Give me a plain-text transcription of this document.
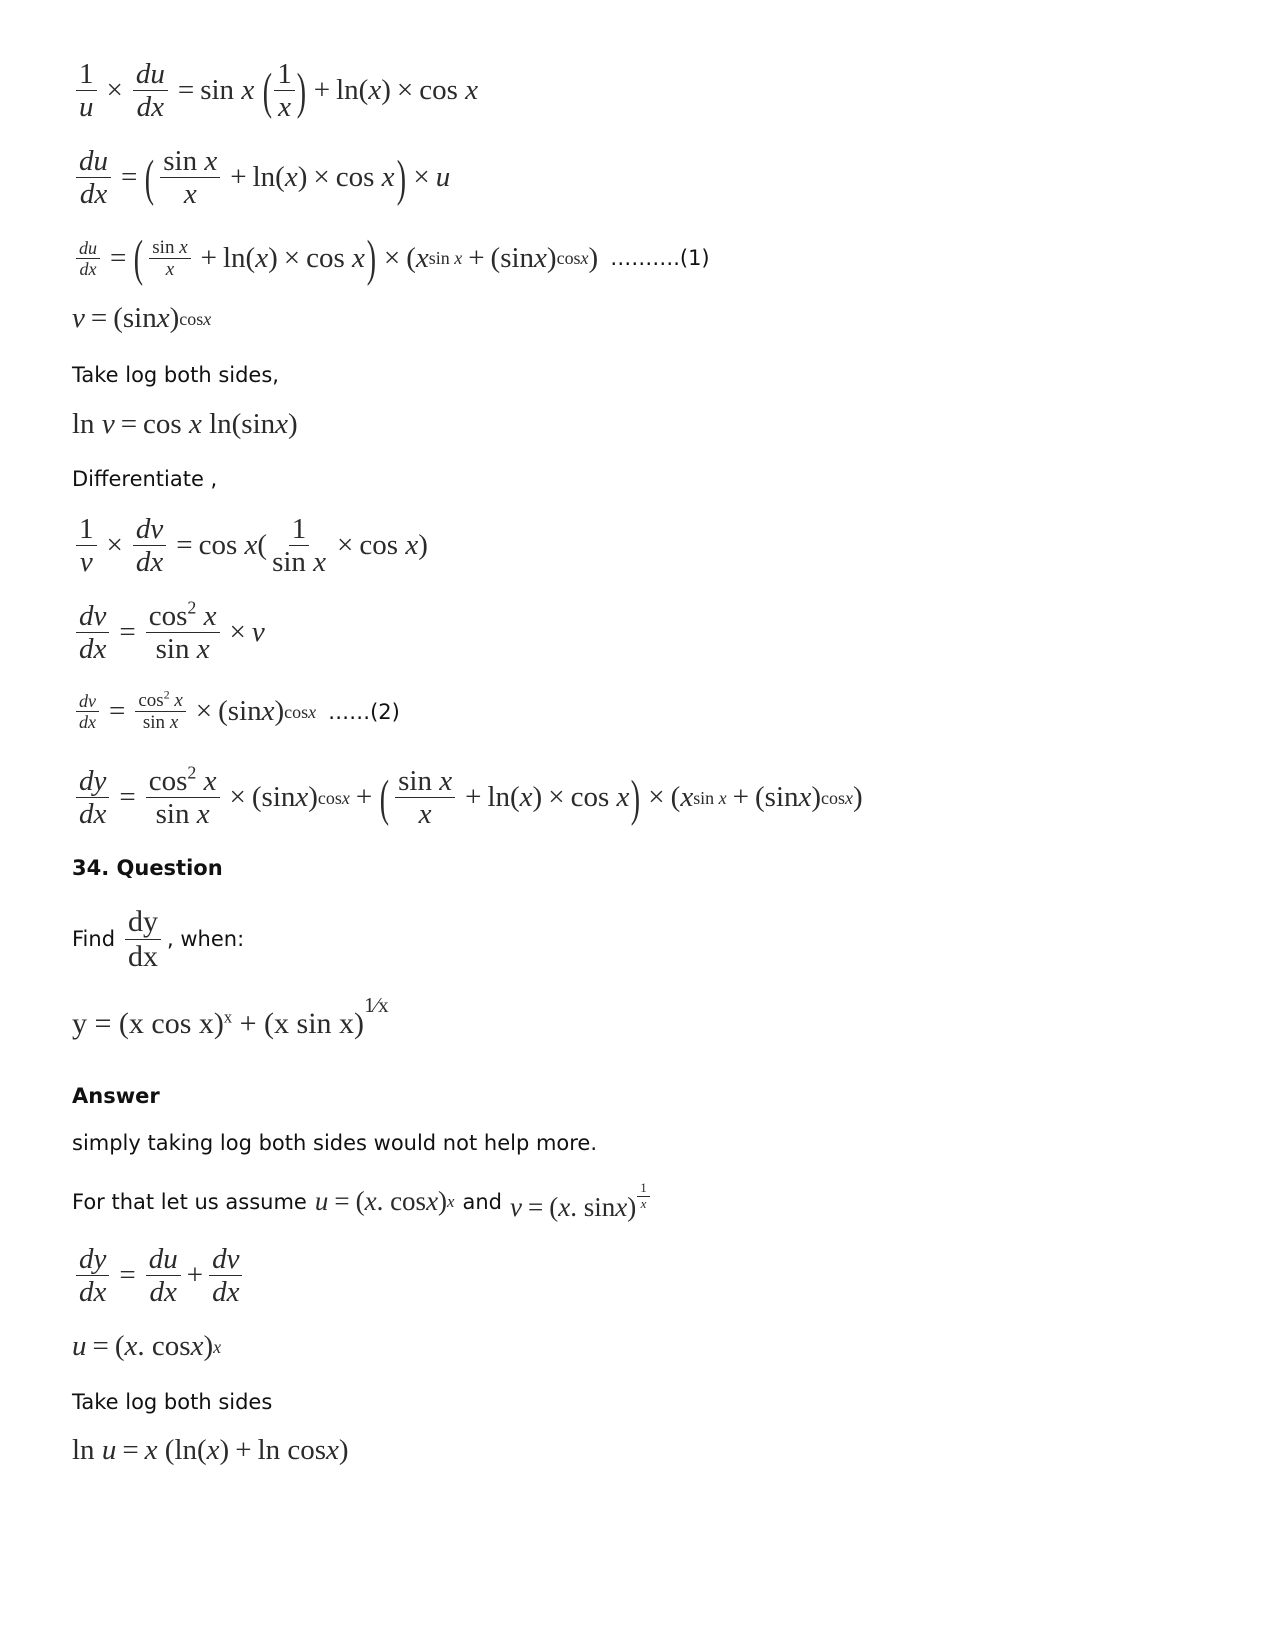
$\frac{1}{u} \times \frac{du}{dx} = \sin x$
( $\frac{1}{x}$ ) + ln( x ) × cos x
$\frac{du}{dx}$ = ( $\frac{\text{sin x}}{x} + \ln$( x ) × cos x ) × u
$\frac{du}{dx}$ = ( $\frac{\text{sin x}}{x} + \ln$( x ) × cos x ) × ( x sin x + (sin x ) cosx ) ……….(1)
v = (sin x ) cosx
Take log both sides,
ln v = cos x ln(sin x )
Differentiate ,
$\frac{1}{v} \times \frac{dv}{dx} = \cos x$ ( $\frac{1}{\text{sin x}} \times \cos x$ )
$\frac{dv}{dx} = \frac{\cos^2 x}{\text{sin x}} \times v$
$\frac{dv}{dx} = \frac{\cos^2 x}{\text{sin x}} \times (\sin$ x ) cosx ……(2)
$\frac{dy}{dx} = \frac{\cos^2 x}{\text{sin x}} \times (\sin$ x ) cosx + ( $\frac{\text{sin x}}{x} + \ln$( x ) × cos x ) × ( x sin x + (sin x ) cosx )
34. Question
Find $\frac{dy}{dx}$ , when:
y = (x cos x)$^x$ + (x sin x)$^{1⁄x}$
Answer
simply taking log both sides would not help more.
For that let us assume u = ( x . cos x ) x and v = ( x . sin x ) $\frac{1}{x}$
$\frac{dy}{dx} = \frac{du}{dx} + \frac{dv}{dx}$
u = ( x . cos x ) x
Take log both sides
ln u = x (ln( x ) + ln cos x )
